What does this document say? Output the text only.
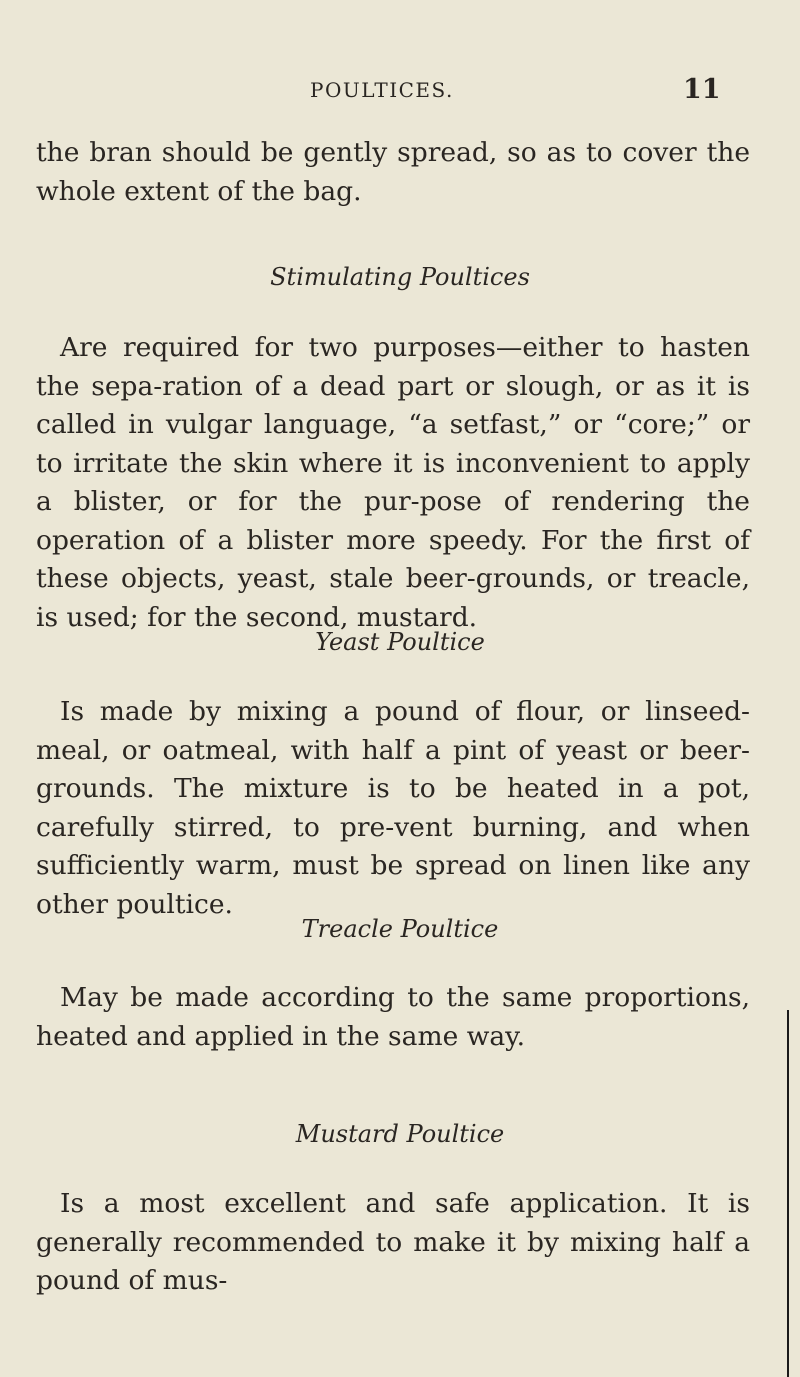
POULTICES.	11

the bran should be gently spread, so as to cover the whole extent of the bag.

Stimulating Poultices

Are required for two purposes—either to hasten the sepa-ration of a dead part or slough, or as it is called in vulgar language, “a setfast,” or “core;” or to irritate the skin where it is inconvenient to apply a blister, or for the pur-pose of rendering the operation of a blister more speedy. For the first of these objects, yeast, stale beer-grounds, or treacle, is used; for the second, mustard.

Yeast Poultice

Is made by mixing a pound of flour, or linseed-meal, or oatmeal, with half a pint of yeast or beer-grounds. The mixture is to be heated in a pot, carefully stirred, to pre-vent burning, and when sufficiently warm, must be spread on linen like any other poultice.

Treacle Poultice

May be made according to the same proportions, heated and applied in the same way.

Mustard Poultice

Is a most excellent and safe application. It is generally recommended to make it by mixing half a pound of mus-
